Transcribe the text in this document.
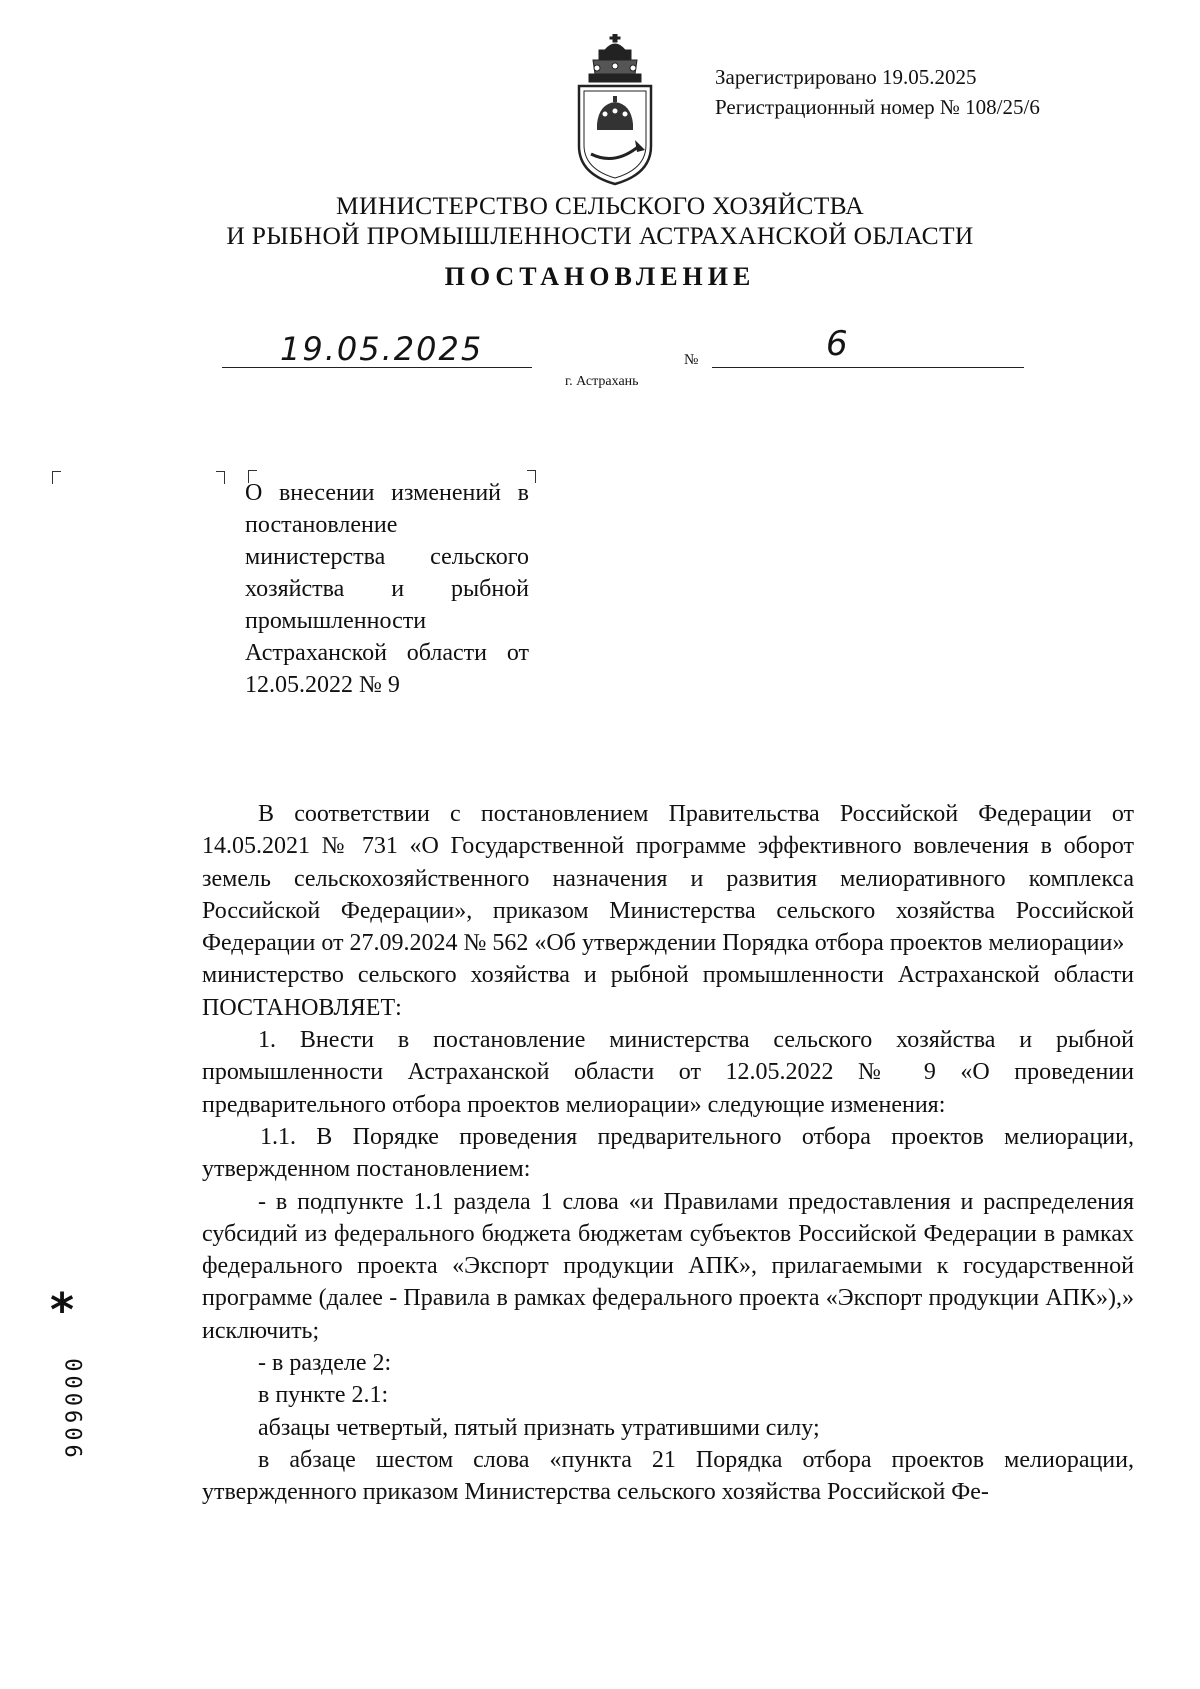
Зарегистрировано 19.05.2025
Регистрационный номер № 108/25/6
МИНИСТЕРСТВО СЕЛЬСКОГО ХОЗЯЙСТВА
И РЫБНОЙ ПРОМЫШЛЕННОСТИ АСТРАХАНСКОЙ ОБЛАСТИ
ПОСТАНОВЛЕНИЕ
19.05.2025	№	6
г. Астрахань

О внесении изменений в постановление министерства сельского хозяйства и рыбной промышленности Астраханской области от 12.05.2022 № 9

В соответствии с постановлением Правительства Российской Федерации от 14.05.2021 № 731 «О Государственной программе эффективного вовлечения в оборот земель сельскохозяйственного назначения и развития мелиоративного комплекса Российской Федерации», приказом Министерства сельского хозяйства Российской Федерации от 27.09.2024 № 562 «Об утверждении Порядка отбора проектов мелиорации»

министерство сельского хозяйства и рыбной промышленности Астраханской области ПОСТАНОВЛЯЕТ:

1. Внести в постановление министерства сельского хозяйства и рыбной промышленности Астраханской области от 12.05.2022 № 9 «О проведении предварительного отбора проектов мелиорации» следующие изменения:

1.1. В Порядке проведения предварительного отбора проектов мелиорации, утвержденном постановлением:

- в подпункте 1.1 раздела 1 слова «и Правилами предоставления и распределения субсидий из федерального бюджета бюджетам субъектов Российской Федерации в рамках федерального проекта «Экспорт продукции АПК», прилагаемыми к государственной программе (далее - Правила в рамках федерального проекта «Экспорт продукции АПК»),» исключить;

- в разделе 2:

в пункте 2.1:

абзацы четвертый, пятый признать утратившими силу;

в абзаце шестом слова «пункта 21 Порядка отбора проектов мелиорации, утвержденного приказом Министерства сельского хозяйства Российской Фе-

*
000606
